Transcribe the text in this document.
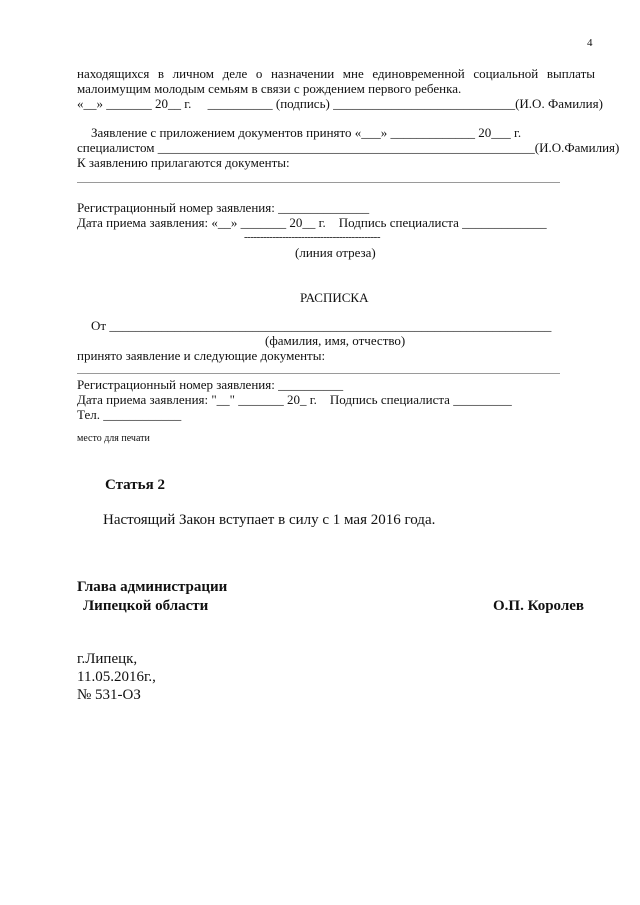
4
находящихся в личном деле о назначении мне единовременной социальной выплаты
малоимущим молодым семьям в связи с рождением первого ребенка.
«__» _______ 20__ г.     __________ (подпись) ____________________________(И.О. Фамилия)
Заявление с приложением документов принято «___» _____________ 20___ г.
специалистом __________________________________________________________(И.О.Фамилия)
К заявлению прилагаются документы:
Регистрационный номер заявления: ______________
Дата приема заявления: «__» _______ 20__ г.    Подпись специалиста _____________
-------------------------------------------
(линия отреза)
РАСПИСКА
От ____________________________________________________________________
(фамилия, имя, отчество)
принято заявление и следующие документы:
Регистрационный номер заявления: __________
Дата приема заявления: "__" _______ 20_ г.    Подпись специалиста _________
Тел. ____________
место для печати
Статья 2
Настоящий Закон вступает в силу с 1 мая 2016 года.
Глава администрации
Липецкой области	О.П. Королев
г.Липецк,
11.05.2016г.,
№ 531-ОЗ
